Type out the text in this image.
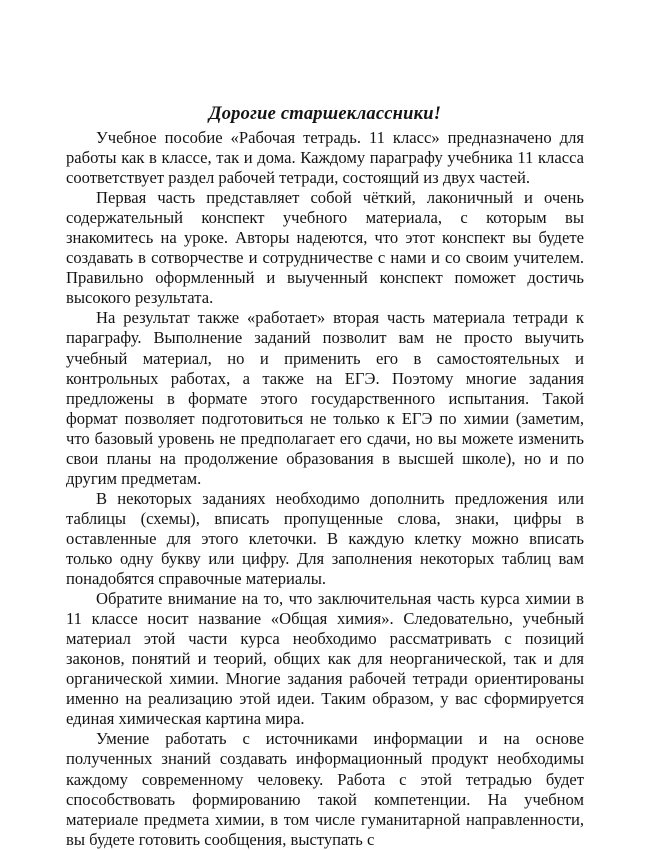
Дорогие старшеклассники!

Учебное пособие «Рабочая тетрадь. 11 класс» предназначено для работы как в классе, так и дома. Каждому параграфу учебника 11 класса соответствует раздел рабочей тетради, состоящий из двух частей.

Первая часть представляет собой чёткий, лаконичный и очень содержательный конспект учебного материала, с которым вы знакомитесь на уроке. Авторы надеются, что этот конспект вы будете создавать в сотворчестве и сотрудничестве с нами и со своим учителем. Правильно оформленный и выученный конспект поможет достичь высокого результата.

На результат также «работает» вторая часть материала тетради к параграфу. Выполнение заданий позволит вам не просто выучить учебный материал, но и применить его в самостоятельных и контрольных работах, а также на ЕГЭ. Поэтому многие задания предложены в формате этого государственного испытания. Такой формат позволяет подготовиться не только к ЕГЭ по химии (заметим, что базовый уровень не предполагает его сдачи, но вы можете изменить свои планы на продолжение образования в высшей школе), но и по другим предметам.

В некоторых заданиях необходимо дополнить предложения или таблицы (схемы), вписать пропущенные слова, знаки, цифры в оставленные для этого клеточки. В каждую клетку можно вписать только одну букву или цифру. Для заполнения некоторых таблиц вам понадобятся справочные материалы.

Обратите внимание на то, что заключительная часть курса химии в 11 классе носит название «Общая химия». Следовательно, учебный материал этой части курса необходимо рассматривать с позиций законов, понятий и теорий, общих как для неорганической, так и для органической химии. Многие задания рабочей тетради ориентированы именно на реализацию этой идеи. Таким образом, у вас сформируется единая химическая картина мира.

Умение работать с источниками информации и на основе полученных знаний создавать информационный продукт необходимы каждому современному человеку. Работа с этой тетрадью будет способствовать формированию такой компетенции. На учебном материале предмета химии, в том числе гуманитарной направленности, вы будете готовить сообщения, выступать с
